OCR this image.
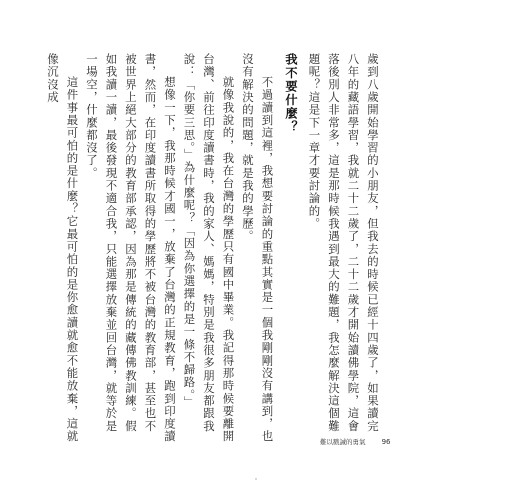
歲到八歲開始學習的小朋友，但我去的時候已經十四歲了，如果讀完八年的藏語學習，我就二十二歲了，二十二歲才開始讀佛學院，這會落後別人非常多，這是那時候我遇到最大的難題，我怎麼解決這個難題呢？這是下一章才要討論的。

我不要什麼？

不過讀到這裡，我想要討論的重點其實是一個我剛剛沒有講到，也沒有解決的問題，就是我的學歷。

就像我說的，我在台灣的學歷只有國中畢業。我記得那時候要離開台灣、前往印度讀書時，我的家人、媽媽，特別是我很多朋友都跟我說：「你要三思。」為什麼呢？「因為你選擇的是一條不歸路。」

想像一下，我那時候才國一，放棄了台灣的正規教育，跑到印度讀書，然而，在印度讀書所取得的學歷將不被台灣的教育部，甚至也不被世界上絕大部分的教育部承認，因為那是傳統的藏傳佛教訓練。假如我讀一讀，最後發現不適合我，只能選擇放棄並回台灣，就等於是一場空，什麼都沒了。

這件事最可怕的是什麼？它最可怕的是你愈讀就愈不能放棄，這就像沉沒成

難以戳誡的勇氣 96
